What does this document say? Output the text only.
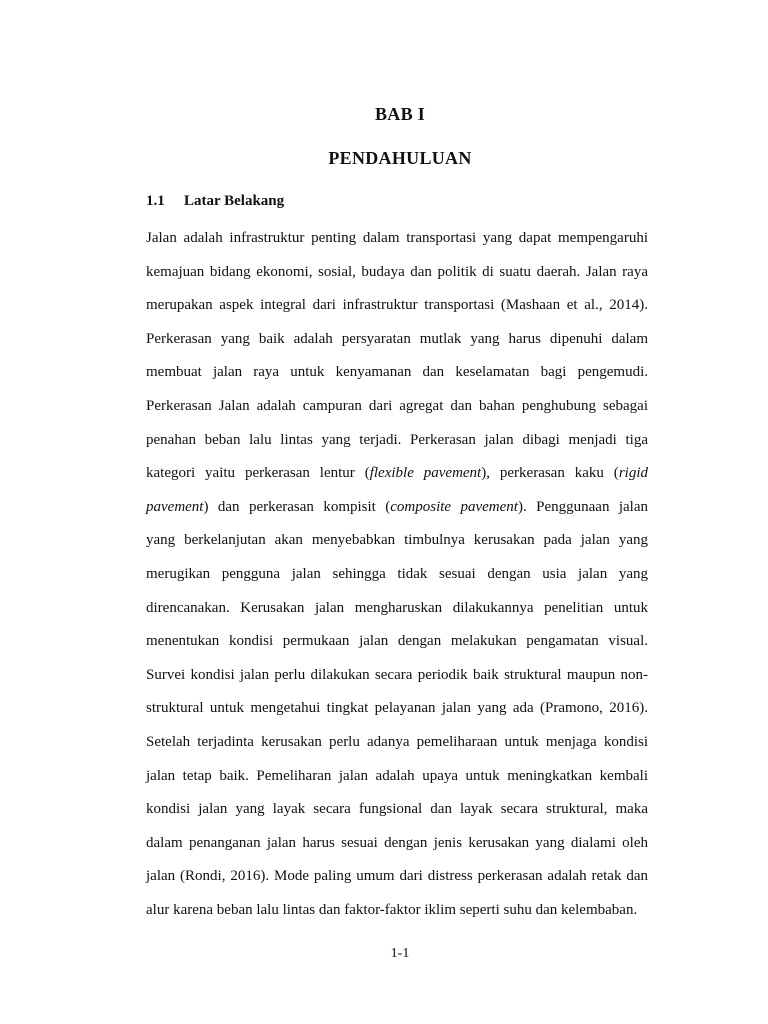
BAB I
PENDAHULUAN
1.1 Latar Belakang
Jalan adalah infrastruktur penting dalam transportasi yang dapat mempengaruhi
kemajuan bidang ekonomi, sosial, budaya dan politik di suatu daerah. Jalan raya
merupakan aspek integral dari infrastruktur transportasi (Mashaan et al., 2014).
Perkerasan yang baik adalah persyaratan mutlak yang harus dipenuhi dalam
membuat jalan raya untuk kenyamanan dan keselamatan bagi pengemudi.
Perkerasan Jalan adalah campuran dari agregat dan bahan penghubung sebagai
penahan beban lalu lintas yang terjadi. Perkerasan jalan dibagi menjadi tiga
kategori yaitu perkerasan lentur (flexible pavement), perkerasan kaku (rigid
pavement) dan perkerasan kompisit (composite pavement). Penggunaan jalan
yang berkelanjutan akan menyebabkan timbulnya kerusakan pada jalan yang
merugikan pengguna jalan sehingga tidak sesuai dengan usia jalan yang
direncanakan. Kerusakan jalan mengharuskan dilakukannya penelitian untuk
menentukan kondisi permukaan jalan dengan melakukan pengamatan visual.
Survei kondisi jalan perlu dilakukan secara periodik baik struktural maupun non-
struktural untuk mengetahui tingkat pelayanan jalan yang ada (Pramono, 2016).
Setelah terjadinta kerusakan perlu adanya pemeliharaan untuk menjaga kondisi
jalan tetap baik. Pemeliharan jalan adalah upaya untuk meningkatkan kembali
kondisi jalan yang layak secara fungsional dan layak secara struktural, maka
dalam penanganan jalan harus sesuai dengan jenis kerusakan yang dialami oleh
jalan (Rondi, 2016). Mode paling umum dari distress perkerasan adalah retak dan
alur karena beban lalu lintas dan faktor-faktor iklim seperti suhu dan kelembaban.
1-1
